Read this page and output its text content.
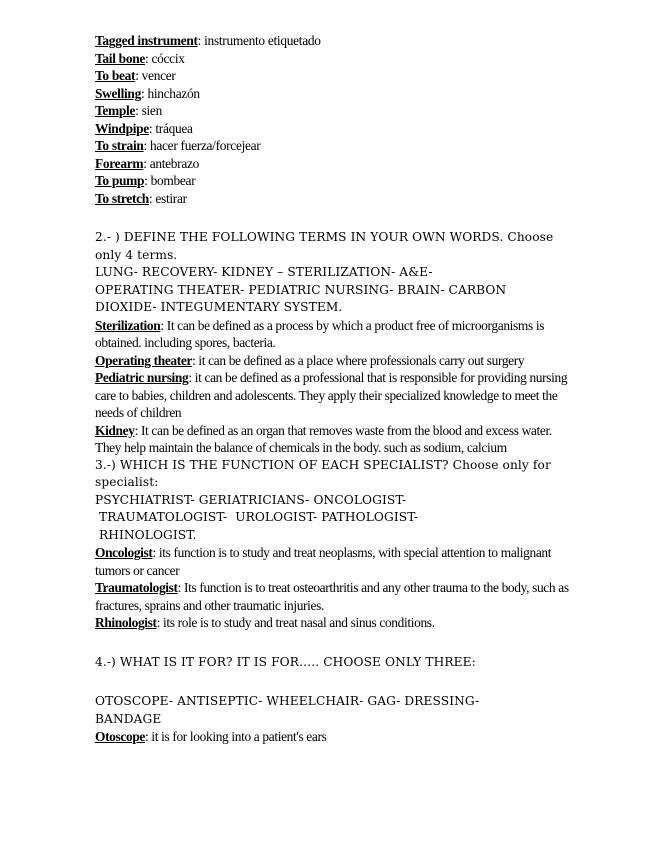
Tagged instrument: instrumento etiquetado
Tail bone: cóccix
To beat: vencer
Swelling: hinchazón
Temple: sien
Windpipe: tráquea
To strain: hacer fuerza/forcejear
Forearm: antebrazo
To pump: bombear
To stretch: estirar
2.- ) DEFINE THE FOLLOWING TERMS IN YOUR OWN WORDS. Choose only 4 terms.
LUNG- RECOVERY- KIDNEY – STERILIZATION- A&E-
OPERATING THEATER- PEDIATRIC NURSING- BRAIN- CARBON
DIOXIDE- INTEGUMENTARY SYSTEM.
Sterilization: It can be defined as a process by which a product free of microorganisms is obtained. including spores, bacteria.
Operating theater: it can be defined as a place where professionals carry out surgery
Pediatric nursing: it can be defined as a professional that is responsible for providing nursing care to babies, children and adolescents. They apply their specialized knowledge to meet the needs of children
Kidney: It can be defined as an organ that removes waste from the blood and excess water. They help maintain the balance of chemicals in the body. such as sodium, calcium
3.-) WHICH IS THE FUNCTION OF EACH SPECIALIST? Choose only for specialist:
PSYCHIATRIST- GERIATRICIANS- ONCOLOGIST-
TRAUMATOLOGIST-  UROLOGIST- PATHOLOGIST-
RHINOLOGIST.
Oncologist: its function is to study and treat neoplasms, with special attention to malignant tumors or cancer
Traumatologist: Its function is to treat osteoarthritis and any other trauma to the body, such as fractures, sprains and other traumatic injuries.
Rhinologist: its role is to study and treat nasal and sinus conditions.
4.-) WHAT IS IT FOR? IT IS FOR….. CHOOSE ONLY THREE:
OTOSCOPE- ANTISEPTIC- WHEELCHAIR- GAG- DRESSING-
BANDAGE
Otoscope: it is for looking into a patient's ears
